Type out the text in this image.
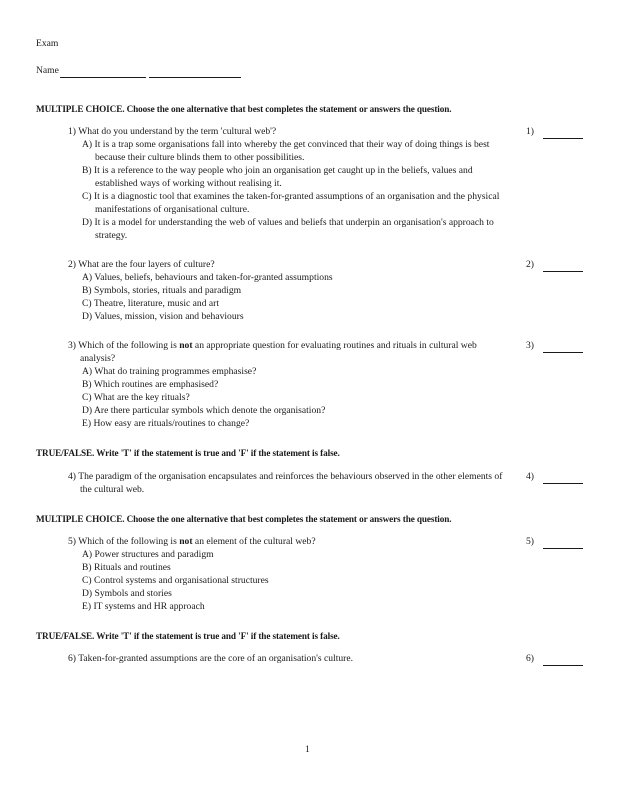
Exam
Name
MULTIPLE CHOICE. Choose the one alternative that best completes the statement or answers the question.
1) What do you understand by the term 'cultural web'?
A) It is a trap some organisations fall into whereby the get convinced that their way of doing things is best because their culture blinds them to other possibilities.
B) It is a reference to the way people who join an organisation get caught up in the beliefs, values and established ways of working without realising it.
C) It is a diagnostic tool that examines the taken-for-granted assumptions of an organisation and the physical manifestations of organisational culture.
D) It is a model for understanding the web of values and beliefs that underpin an organisation's approach to strategy.
1)
2) What are the four layers of culture?
A) Values, beliefs, behaviours and taken-for-granted assumptions
B) Symbols, stories, rituals and paradigm
C) Theatre, literature, music and art
D) Values, mission, vision and behaviours
2)
3) Which of the following is not an appropriate question for evaluating routines and rituals in cultural web analysis?
A) What do training programmes emphasise?
B) Which routines are emphasised?
C) What are the key rituals?
D) Are there particular symbols which denote the organisation?
E) How easy are rituals/routines to change?
3)
TRUE/FALSE. Write 'T' if the statement is true and 'F' if the statement is false.
4) The paradigm of the organisation encapsulates and reinforces the behaviours observed in the other elements of the cultural web.
4)
MULTIPLE CHOICE. Choose the one alternative that best completes the statement or answers the question.
5) Which of the following is not an element of the cultural web?
A) Power structures and paradigm
B) Rituals and routines
C) Control systems and organisational structures
D) Symbols and stories
E) IT systems and HR approach
5)
TRUE/FALSE. Write 'T' if the statement is true and 'F' if the statement is false.
6) Taken-for-granted assumptions are the core of an organisation's culture.	6)
1
